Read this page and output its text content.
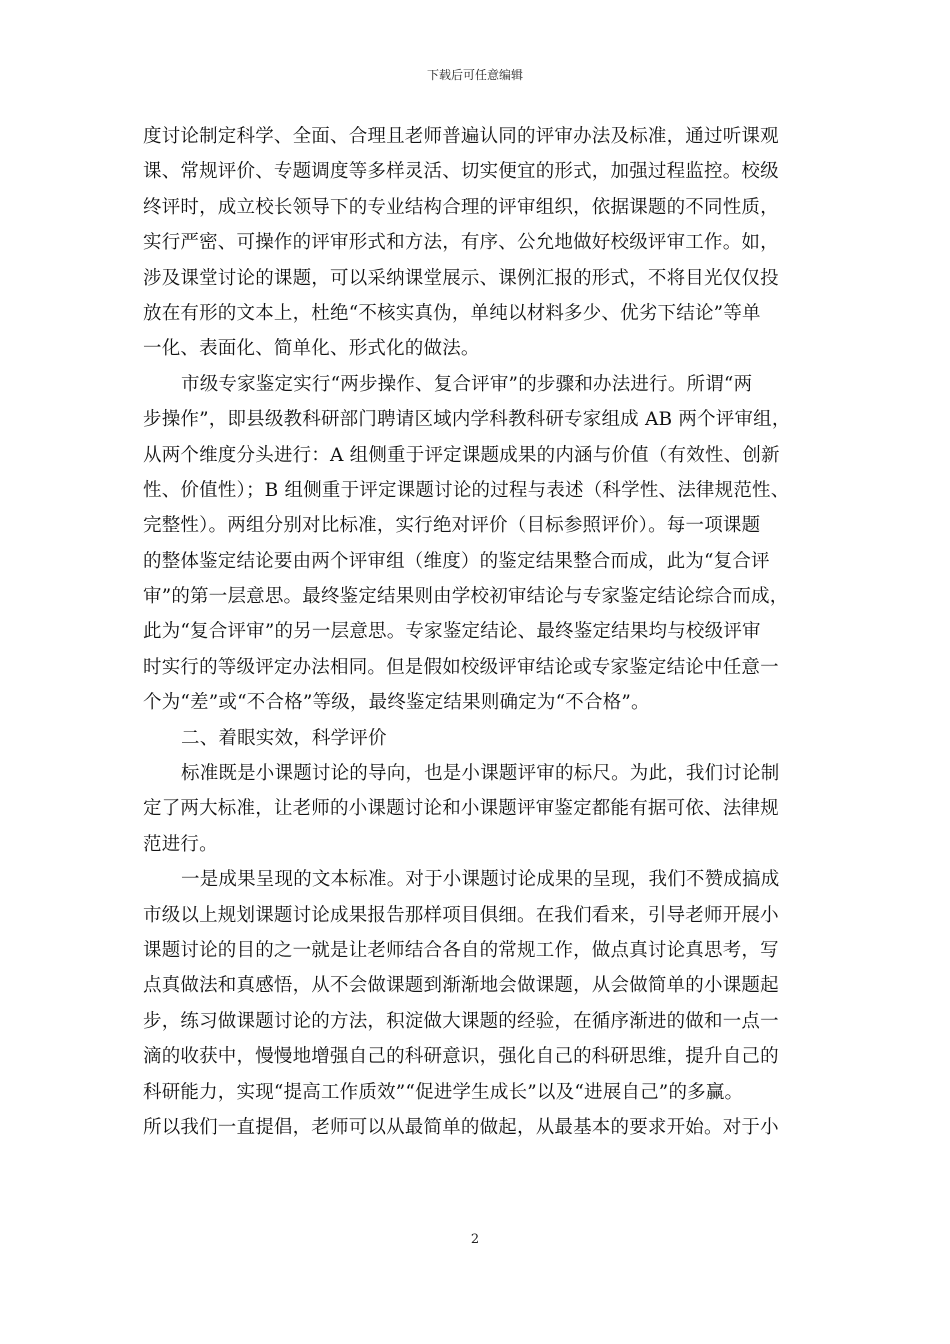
下载后可任意编辑
度讨论制定科学、全面、合理且老师普遍认同的评审办法及标准，通过听课观
课、常规评价、专题调度等多样灵活、切实便宜的形式，加强过程监控。校级
终评时，成立校长领导下的专业结构合理的评审组织，依据课题的不同性质，
实行严密、可操作的评审形式和方法，有序、公允地做好校级评审工作。如，
涉及课堂讨论的课题，可以采纳课堂展示、课例汇报的形式，不将目光仅仅投
放在有形的文本上，杜绝“不核实真伪，单纯以材料多少、优劣下结论”等单
一化、表面化、简单化、形式化的做法。
市级专家鉴定实行“两步操作、复合评审”的步骤和办法进行。所谓“两
步操作”，即县级教科研部门聘请区域内学科教科研专家组成 AB 两个评审组，
从两个维度分头进行：A 组侧重于评定课题成果的内涵与价值（有效性、创新
性、价值性）；B 组侧重于评定课题讨论的过程与表述（科学性、法律规范性、
完整性）。两组分别对比标准，实行绝对评价（目标参照评价）。每一项课题
的整体鉴定结论要由两个评审组（维度）的鉴定结果整合而成，此为“复合评
审”的第一层意思。最终鉴定结果则由学校初审结论与专家鉴定结论综合而成，
此为“复合评审”的另一层意思。专家鉴定结论、最终鉴定结果均与校级评审
时实行的等级评定办法相同。但是假如校级评审结论或专家鉴定结论中任意一
个为“差”或“不合格”等级，最终鉴定结果则确定为“不合格”。
二、着眼实效，科学评价
标准既是小课题讨论的导向，也是小课题评审的标尺。为此，我们讨论制
定了两大标准，让老师的小课题讨论和小课题评审鉴定都能有据可依、法律规
范进行。
一是成果呈现的文本标准。对于小课题讨论成果的呈现，我们不赞成搞成
市级以上规划课题讨论成果报告那样项目俱细。在我们看来，引导老师开展小
课题讨论的目的之一就是让老师结合各自的常规工作，做点真讨论真思考，写
点真做法和真感悟，从不会做课题到渐渐地会做课题，从会做简单的小课题起
步，练习做课题讨论的方法，积淀做大课题的经验，在循序渐进的做和一点一
滴的收获中，慢慢地增强自己的科研意识，强化自己的科研思维，提升自己的
科研能力，实现“提高工作质效”“促进学生成长”以及“进展自己”的多赢。
所以我们一直提倡，老师可以从最简单的做起，从最基本的要求开始。对于小
2
